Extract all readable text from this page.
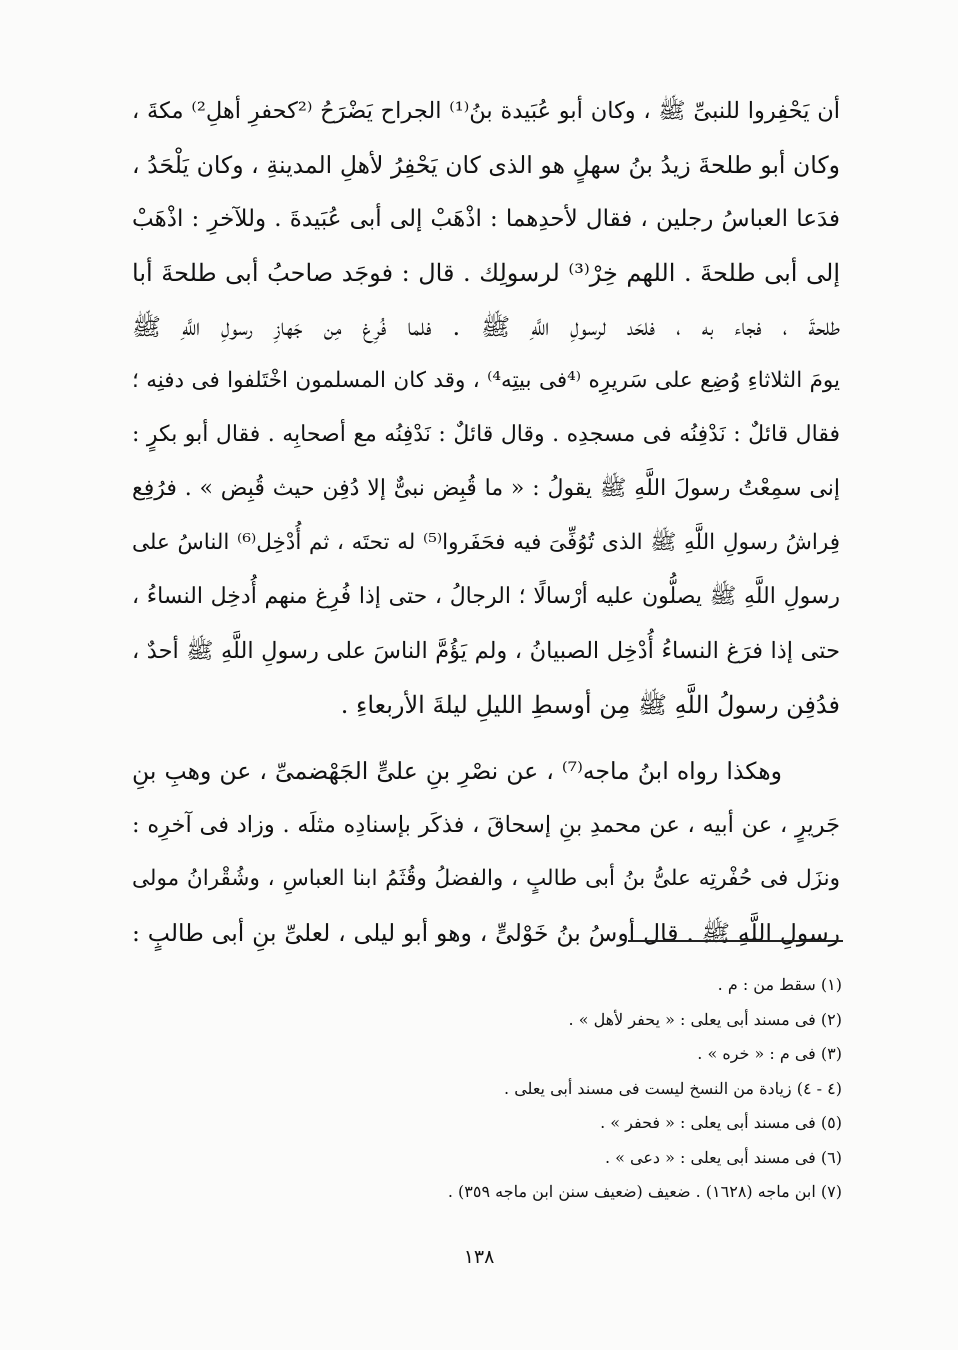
أن يَحْفِروا للنبىِّ ﷺ ، وكان أبو عُبَيدة بنُ⁽¹⁾ الجراح يَضْرَحُ ⁽²كحفرِ أهلِ²⁾ مكةَ ،
وكان أبو طلحةَ زيدُ بنُ سهلٍ هو الذى كان يَحْفِرُ لأهلِ المدينةِ ، وكان يَلْحَدُ ،
فدَعا العباسُ رجلين ، فقال لأحدِهما : اذْهَبْ إلى أبى عُبَيدةَ . وللآخرِ : اذْهَبْ
إلى أبى طلحةَ . اللهم خِرْ⁽³⁾ لرسولِك . قال : فوجَد صاحبُ أبى طلحةَ أبا
طلحةَ ، فجاء به ، فلحَد لرسولِ اللَّهِ ﷺ . فلما فُرِغ مِن جَهازِ رسولِ اللَّهِ ﷺ
يومَ الثلاثاءِ وُضِع على سَريرِه ⁽⁴فى بيتِه⁴⁾ ، وقد كان المسلمون اخْتَلفوا فى دفنِه ؛
فقال قائلٌ : نَدْفِنُه فى مسجدِه . وقال قائلٌ : نَدْفِنُه مع أصحابِه . فقال أبو بكرٍ :
إنى سمِعْتُ رسولَ اللَّهِ ﷺ يقولُ : « ما قُبِض نبىٌّ إلا دُفِن حيث قُبِض » . فرُفِع
فِراشُ رسولِ اللَّهِ ﷺ الذى تُوُفِّىَ فيه فحَفَروا⁽⁵⁾ له تحتَه ، ثم أُدْخِل⁽⁶⁾ الناسُ على
رسولِ اللَّهِ ﷺ يصلُّون عليه أرْسالًا ؛ الرجالُ ، حتى إذا فُرِغ منهم أُدخِل النساءُ ،
حتى إذا فرَغ النساءُ أُدْخِل الصبيانُ ، ولم يَؤُمَّ الناسَ على رسولِ اللَّهِ ﷺ أحدٌ ،
فدُفِن رسولُ اللَّهِ ﷺ مِن أوسطِ الليلِ ليلةَ الأربعاءِ .
وهكذا رواه ابنُ ماجه⁽⁷⁾ ، عن نصْرِ بنِ علىٍّ الجَهْضمىِّ ، عن وهبِ بنِ
جَريرٍ ، عن أبيه ، عن محمدِ بنِ إسحاقَ ، فذكَر بإسنادِه مثلَه . وزاد فى آخرِه :
ونزَل فى حُفْرتِه علىُّ بنُ أبى طالبٍ ، والفضلُ وقُثَمُ ابنا العباسِ ، وشُقْرانُ مولى
رسولِ اللَّهِ ﷺ . قال أوسُ بنُ خَوْلىٍّ ، وهو أبو ليلى ، لعلىِّ بنِ أبى طالبٍ :
(١) سقط من : م .
(٢) فى مسند أبى يعلى : « يحفر لأهل » .
(٣) فى م : « خره » .
(٤ - ٤) زيادة من النسخ ليست فى مسند أبى يعلى .
(٥) فى مسند أبى يعلى : « فحفر » .
(٦) فى مسند أبى يعلى : « دعى » .
(٧) ابن ماجه (١٦٢٨) . ضعيف (ضعيف سنن ابن ماجه ٣٥٩) .
١٣٨
